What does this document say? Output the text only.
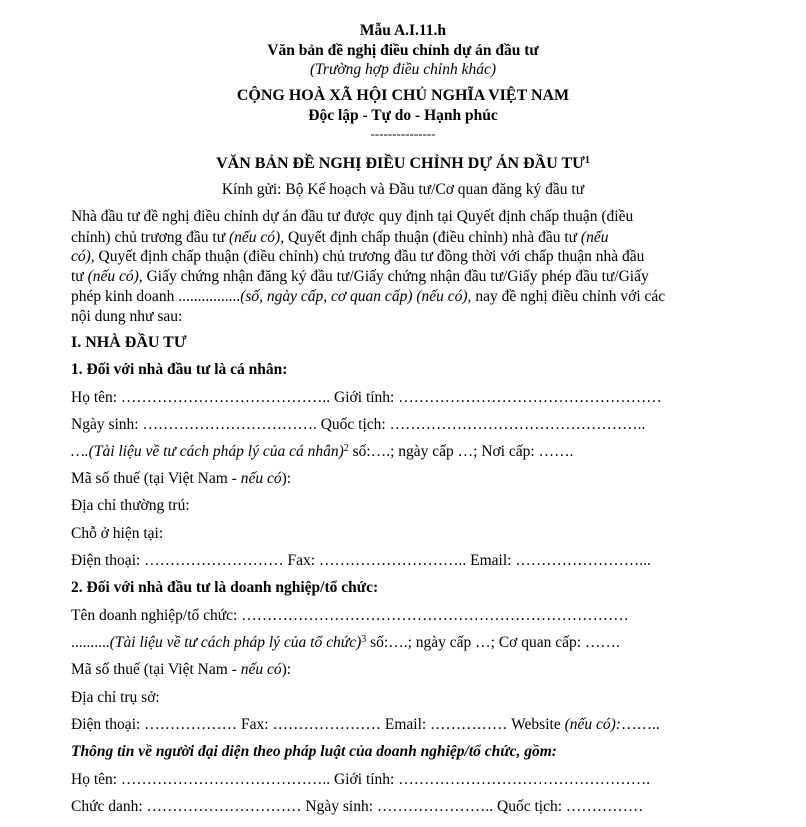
Mẫu A.I.11.h
Văn bản đề nghị điều chỉnh dự án đầu tư
(Trường hợp điều chỉnh khác)
CỘNG HOÀ XÃ HỘI CHỦ NGHĨA VIỆT NAM
Độc lập - Tự do - Hạnh phúc
---------------
VĂN BẢN ĐỀ NGHỊ ĐIỀU CHỈNH DỰ ÁN ĐẦU $TƯ^1$
Kính gửi: Bộ Kế hoạch và Đầu tư/Cơ quan đăng ký đầu tư
Nhà đầu tư đề nghị điều chỉnh dự án đầu tư được quy định tại Quyết định chấp thuận (điều
chỉnh) chủ trương đầu tư (nếu có), Quyết định chấp thuận (điều chỉnh) nhà đầu tư (nếu
có), Quyết định chấp thuận (điều chỉnh) chủ trương đầu tư đồng thời với chấp thuận nhà đầu
tư (nếu có), Giấy chứng nhận đăng ký đầu tư/Giấy chứng nhận đầu tư/Giấy phép đầu tư/Giấy
phép kinh doanh ................(số, ngày cấp, cơ quan cấp) (nếu có), nay đề nghị điều chỉnh với các
nội dung như sau:
I. NHÀ ĐẦU TƯ
1. Đối với nhà đầu tư là cá nhân:
Họ tên: ………………………………….. Giới tính: ……………………………………………
Ngày sinh: ……………………………. Quốc tịch: …………………………………………..
….(Tài liệu về tư cách pháp lý của cá nhân)$^2$ số:….; ngày cấp …; Nơi cấp: …….
Mã số thuế (tại Việt Nam - nếu có):
Địa chỉ thường trú:
Chỗ ở hiện tại:
Điện thoại: ……………………… Fax: ……………………….. Email: ……………………...
2. Đối với nhà đầu tư là doanh nghiệp/tổ chức:
Tên doanh nghiệp/tổ chức: …………………………………………………………………
..........(Tài liệu về tư cách pháp lý của tổ chức)$^3$ số:….; ngày cấp …; Cơ quan cấp: …….
Mã số thuế (tại Việt Nam - nếu có):
Địa chỉ trụ sở:
Điện thoại: ……………… Fax: ………………… Email: …………… Website (nếu có):……..
Thông tin về người đại diện theo pháp luật của doanh nghiệp/tổ chức, gồm:
Họ tên: ………………………………….. Giới tính: ………………………………………….
Chức danh: ………………………… Ngày sinh: ………………….. Quốc tịch: ……………
